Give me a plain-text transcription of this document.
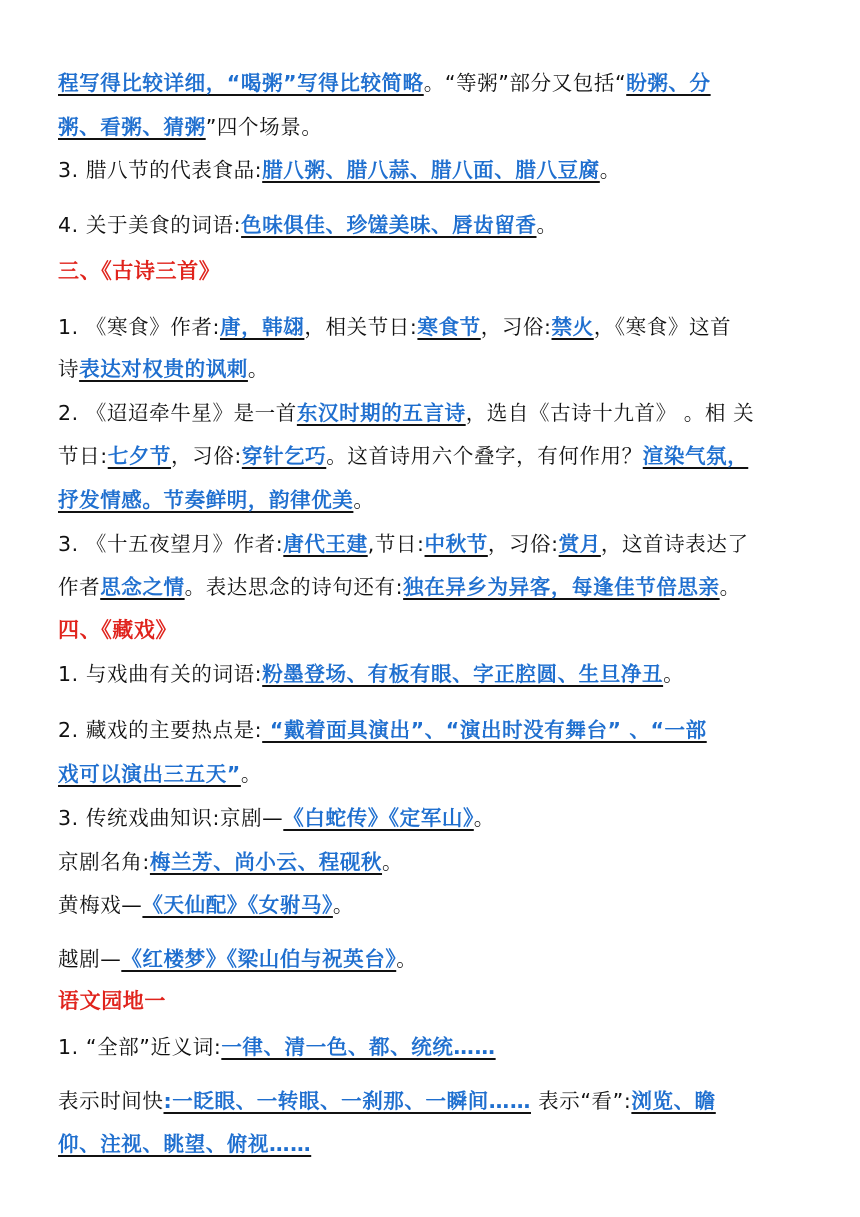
程写得比较详细，“喝粥”写得比较简略。“等粥”部分又包括“盼粥、分
粥、看粥、猜粥”四个场景。
3. 腊八节的代表食品:腊八粥、腊八蒜、腊八面、腊八豆腐。
4. 关于美食的词语:色味俱佳、珍馐美味、唇齿留香。
三、《古诗三首》
1. 《寒食》作者:唐，韩翃，相关节日:寒食节，习俗:禁火，《寒食》这首
诗表达对权贵的讽刺。
2. 《迢迢牵牛星》是一首东汉时期的五言诗，选自《古诗十九首》 。相 关
节日:七夕节，习俗:穿针乞巧。这首诗用六个叠字，有何作用？渲染气氛，
抒发情感。节奏鲜明，韵律优美。
3. 《十五夜望月》作者:唐代王建,节日:中秋节，习俗:赏月，这首诗表达了
作者思念之情。表达思念的诗句还有:独在异乡为异客，每逢佳节倍思亲。
四、《藏戏》
1. 与戏曲有关的词语:粉墨登场、有板有眼、字正腔圆、生旦净丑。
2. 藏戏的主要热点是: “戴着面具演出”、“演出时没有舞台” 、“一部
戏可以演出三五天”。
3. 传统戏曲知识:京剧—《白蛇传》《定军山》。
京剧名角:梅兰芳、尚小云、程砚秋。
黄梅戏—《天仙配》《女驸马》。
越剧—《红楼梦》《梁山伯与祝英台》。
语文园地一
1. “全部”近义词:一律、清一色、都、统统……
表示时间快:一眨眼、一转眼、一刹那、一瞬间…… 表示“看”:浏览、瞻
仰、注视、眺望、俯视……
